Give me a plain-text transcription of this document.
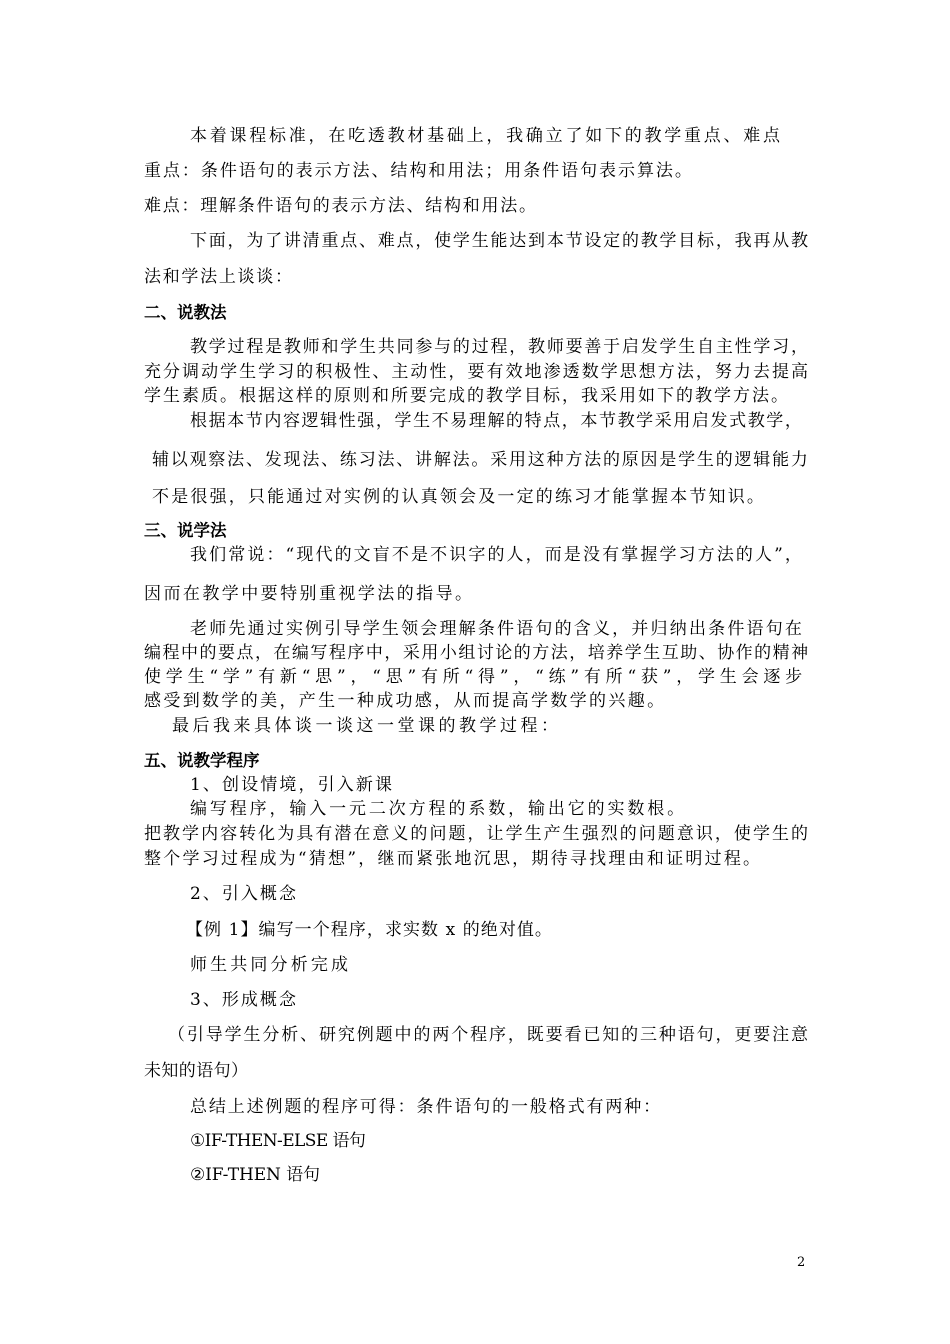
本着课程标准，在吃透教材基础上，我确立了如下的教学重点、难点
重点：条件语句的表示方法、结构和用法；用条件语句表示算法。
难点：理解条件语句的表示方法、结构和用法。
下面，为了讲清重点、难点，使学生能达到本节设定的教学目标，我再从教
法和学法上谈谈：
二、说教法
教学过程是教师和学生共同参与的过程，教师要善于启发学生自主性学习，
充分调动学生学习的积极性、主动性，要有效地渗透数学思想方法，努力去提高
学生素质。根据这样的原则和所要完成的教学目标，我采用如下的教学方法。
根据本节内容逻辑性强，学生不易理解的特点，本节教学采用启发式教学，
辅以观察法、发现法、练习法、讲解法。采用这种方法的原因是学生的逻辑能力
不是很强，只能通过对实例的认真领会及一定的练习才能掌握本节知识。
三、说学法
我们常说：“现代的文盲不是不识字的人，而是没有掌握学习方法的人”，
因而在教学中要特别重视学法的指导。
老师先通过实例引导学生领会理解条件语句的含义，并归纳出条件语句在
编程中的要点，在编写程序中，采用小组讨论的方法，培养学生互助、协作的精神
使学生“学”有新“思”，“思”有所“得”，“练”有所“获”，学生会逐步
感受到数学的美，产生一种成功感，从而提高学数学的兴趣。
最后我来具体谈一谈这一堂课的教学过程：
五、说教学程序
1、创设情境，引入新课
编写程序，输入一元二次方程的系数，输出它的实数根。
把教学内容转化为具有潜在意义的问题，让学生产生强烈的问题意识，使学生的
整个学习过程成为“猜想”，继而紧张地沉思，期待寻找理由和证明过程。
2、引入概念
【例 1】编写一个程序，求实数 x 的绝对值。
师生共同分析完成
3、形成概念
（引导学生分析、研究例题中的两个程序，既要看已知的三种语句，更要注意
未知的语句）
总结上述例题的程序可得：条件语句的一般格式有两种：
①IF-THEN-ELSE 语句
②IF-THEN 语句
2
